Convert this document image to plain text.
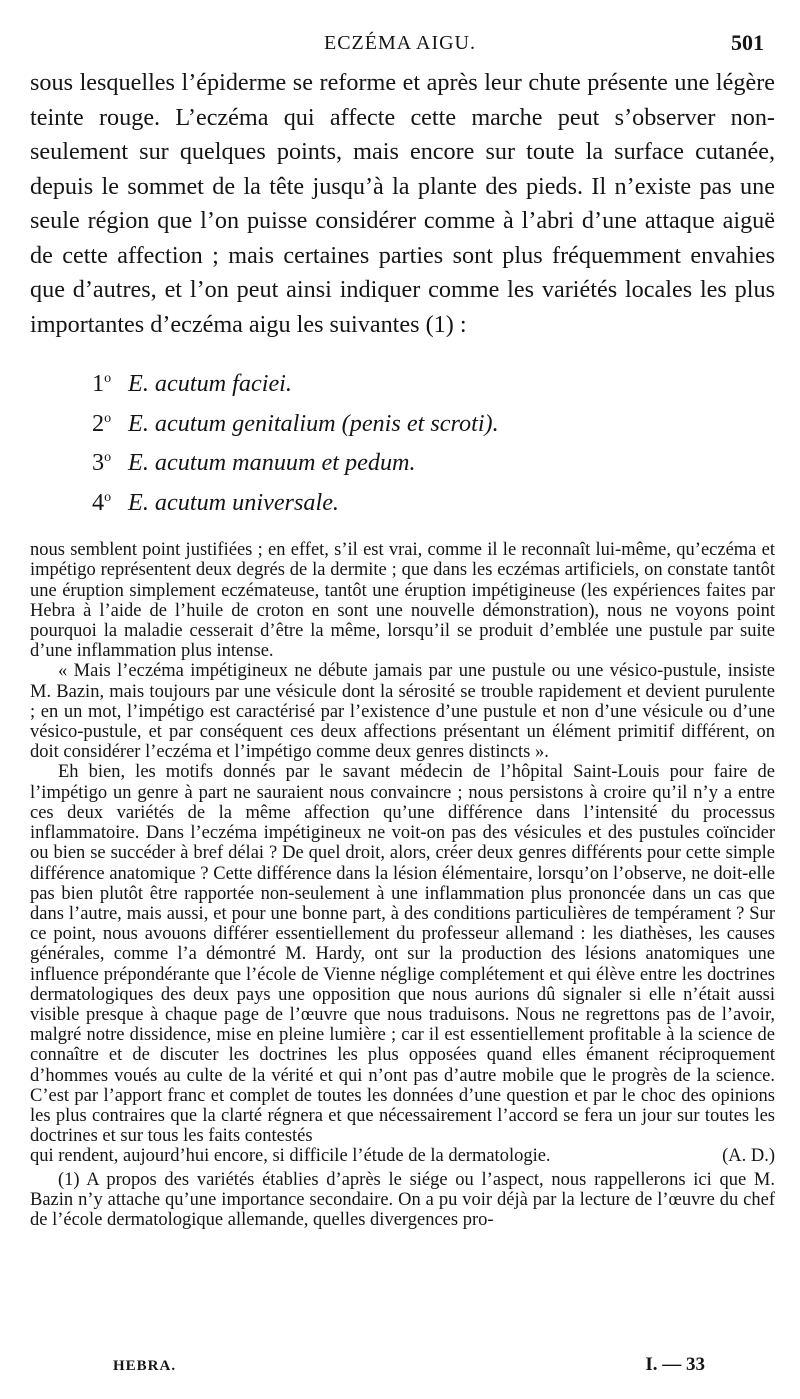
ECZÉMA AIGU.	501

sous lesquelles l’épiderme se reforme et après leur chute présente une légère teinte rouge. L’eczéma qui affecte cette marche peut s’observer non-seulement sur quelques points, mais encore sur toute la surface cutanée, depuis le sommet de la tête jusqu’à la plante des pieds. Il n’existe pas une seule région que l’on puisse considérer comme à l’abri d’une attaque aiguë de cette affection ; mais certaines parties sont plus fréquemment envahies que d’autres, et l’on peut ainsi indiquer comme les variétés locales les plus importantes d’eczéma aigu les suivantes (1) :

1$^o$ E. acutum faciei.
2$^o$ E. acutum genitalium (penis et scroti).
3$^o$ E. acutum manuum et pedum.
4$^o$ E. acutum universale.

nous semblent point justifiées ; en effet, s’il est vrai, comme il le reconnaît lui-même, qu’eczéma et impétigo représentent deux degrés de la dermite ; que dans les eczémas artificiels, on constate tantôt une éruption simplement eczémateuse, tantôt une éruption impétigineuse (les expériences faites par Hebra à l’aide de l’huile de croton en sont une nouvelle démonstration), nous ne voyons point pourquoi la maladie cesserait d’être la même, lorsqu’il se produit d’emblée une pustule par suite d’une inflammation plus intense.

« Mais l’eczéma impétigineux ne débute jamais par une pustule ou une vésico-pustule, insiste M. Bazin, mais toujours par une vésicule dont la sérosité se trouble rapidement et devient purulente ; en un mot, l’impétigo est caractérisé par l’existence d’une pustule et non d’une vésicule ou d’une vésico-pustule, et par conséquent ces deux affections présentant un élément primitif différent, on doit considérer l’eczéma et l’impétigo comme deux genres distincts ».

Eh bien, les motifs donnés par le savant médecin de l’hôpital Saint-Louis pour faire de l’impétigo un genre à part ne sauraient nous convaincre ; nous persistons à croire qu’il n’y a entre ces deux variétés de la même affection qu’une différence dans l’intensité du processus inflammatoire. Dans l’eczéma impétigineux ne voit-on pas des vésicules et des pustules coïncider ou bien se succéder à bref délai ? De quel droit, alors, créer deux genres différents pour cette simple différence anatomique ? Cette différence dans la lésion élémentaire, lorsqu’on l’observe, ne doit-elle pas bien plutôt être rapportée non-seulement à une inflammation plus prononcée dans un cas que dans l’autre, mais aussi, et pour une bonne part, à des conditions particulières de tempérament ? Sur ce point, nous avouons différer essentiellement du professeur allemand : les diathèses, les causes générales, comme l’a démontré M. Hardy, ont sur la production des lésions anatomiques une influence prépondérante que l’école de Vienne néglige complétement et qui élève entre les doctrines dermatologiques des deux pays une opposition que nous aurions dû signaler si elle n’était aussi visible presque à chaque page de l’œuvre que nous traduisons. Nous ne regrettons pas de l’avoir, malgré notre dissidence, mise en pleine lumière ; car il est essentiellement profitable à la science de connaître et de discuter les doctrines les plus opposées quand elles émanent réciproquement d’hommes voués au culte de la vérité et qui n’ont pas d’autre mobile que le progrès de la science. C’est par l’apport franc et complet de toutes les données d’une question et par le choc des opinions les plus contraires que la clarté régnera et que nécessairement l’accord se fera un jour sur toutes les doctrines et sur tous les faits contestés

qui rendent, aujourd’hui encore, si difficile l’étude de la dermatologie.	(A. D.)

(1) A propos des variétés établies d’après le siége ou l’aspect, nous rappellerons ici que M. Bazin n’y attache qu’une importance secondaire. On a pu voir déjà par la lecture de l’œuvre du chef de l’école dermatologique allemande, quelles divergences pro-

HEBRA.	I. — 33
